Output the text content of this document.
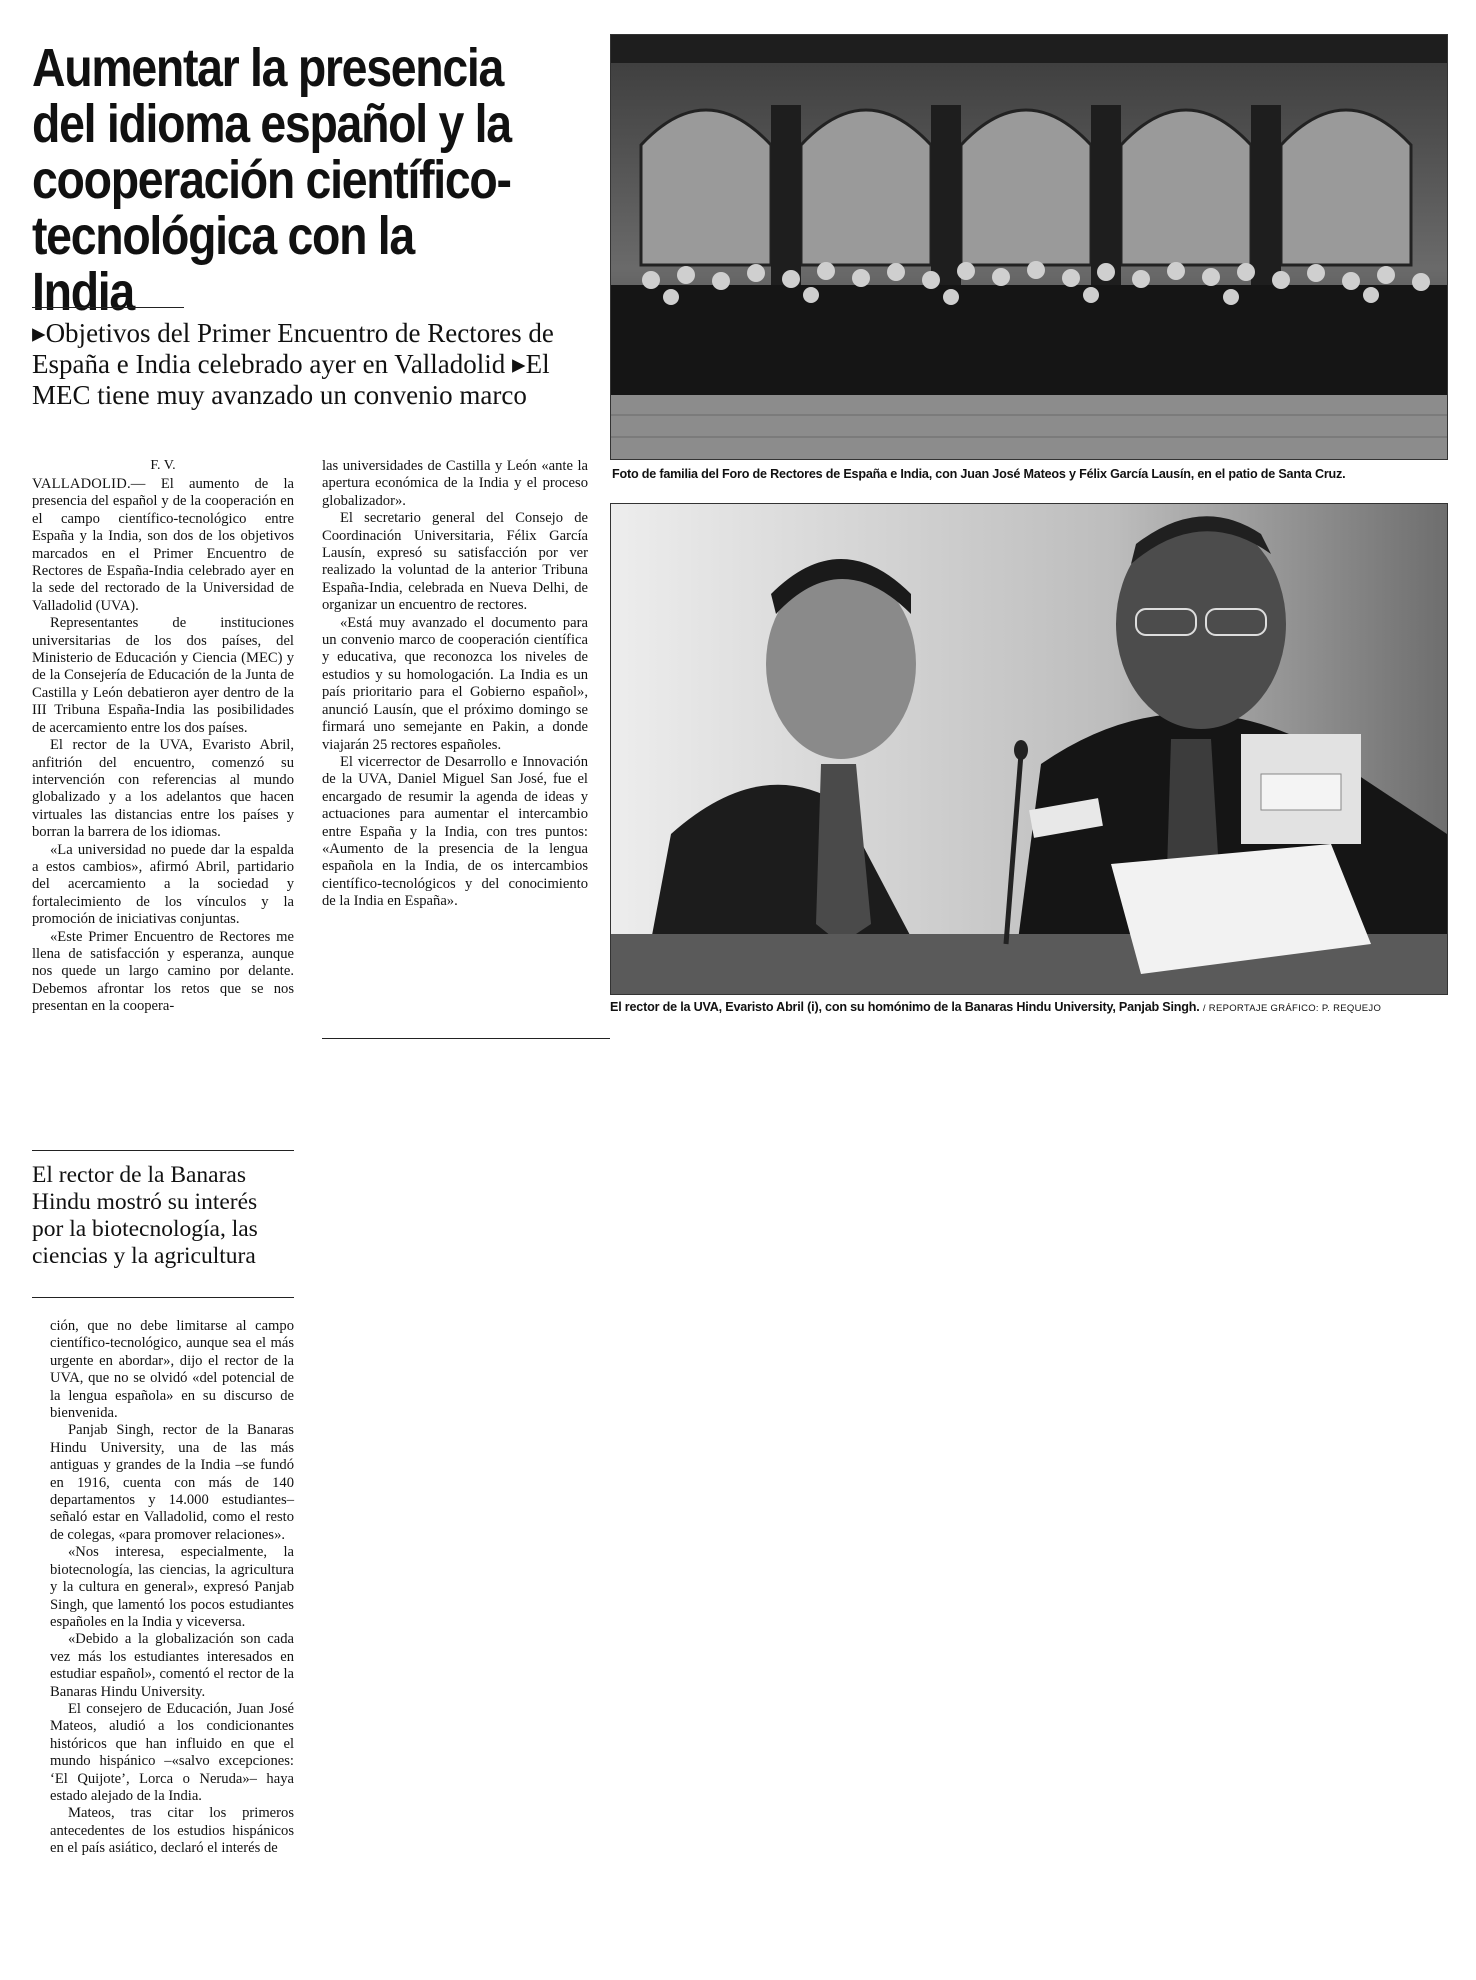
Aumentar la presencia
del idioma español y la
cooperación científico-
tecnológica con la India

▸Objetivos del Primer Encuentro de Rectores de España e India celebrado ayer en Valladolid ▸El MEC tiene muy avanzado un convenio marco

F. V.

VALLADOLID.— El aumento de la presencia del español y de la cooperación en el campo científico-tecnológico entre España y la India, son dos de los objetivos marcados en el Primer Encuentro de Rectores de España-India celebrado ayer en la sede del rectorado de la Universidad de Valladolid (UVA).

Representantes de instituciones universitarias de los dos países, del Ministerio de Educación y Ciencia (MEC) y de la Consejería de Educación de la Junta de Castilla y León debatieron ayer dentro de la III Tribuna España-India las posibilidades de acercamiento entre los dos países.

El rector de la UVA, Evaristo Abril, anfitrión del encuentro, comenzó su intervención con referencias al mundo globalizado y a los adelantos que hacen virtuales las distancias entre los países y borran la barrera de los idiomas.

«La universidad no puede dar la espalda a estos cambios», afirmó Abril, partidario del acercamiento a la sociedad y fortalecimiento de los vínculos y la promoción de iniciativas conjuntas.

«Este Primer Encuentro de Rectores me llena de satisfacción y esperanza, aunque nos quede un largo camino por delante. Debemos afrontar los retos que se nos presentan en la coopera-

El rector de la Banaras Hindu mostró su interés por la biotecnología, las ciencias y la agricultura

ción, que no debe limitarse al campo científico-tecnológico, aunque sea el más urgente en abordar», dijo el rector de la UVA, que no se olvidó «del potencial de la lengua española» en su discurso de bienvenida.

Panjab Singh, rector de la Banaras Hindu University, una de las más antiguas y grandes de la India –se fundó en 1916, cuenta con más de 140 departamentos y 14.000 estudiantes– señaló estar en Valladolid, como el resto de colegas, «para promover relaciones».

«Nos interesa, especialmente, la biotecnología, las ciencias, la agricultura y la cultura en general», expresó Panjab Singh, que lamentó los pocos estudiantes españoles en la India y viceversa.

«Debido a la globalización son cada vez más los estudiantes interesados en estudiar español», comentó el rector de la Banaras Hindu University.

El consejero de Educación, Juan José Mateos, aludió a los condicionantes históricos que han influido en que el mundo hispánico –«salvo excepciones: ‘El Quijote’, Lorca o Neruda»– haya estado alejado de la India.

Mateos, tras citar los primeros antecedentes de los estudios hispánicos en el país asiático, declaró el interés de

las universidades de Castilla y León «ante la apertura económica de la India y el proceso globalizador».

El secretario general del Consejo de Coordinación Universitaria, Félix García Lausín, expresó su satisfacción por ver realizado la voluntad de la anterior Tribuna España-India, celebrada en Nueva Delhi, de organizar un encuentro de rectores.

«Está muy avanzado el documento para un convenio marco de cooperación científica y educativa, que reconozca los niveles de estudios y su homologación. La India es un país prioritario para el Gobierno español», anunció Lausín, que el próximo domingo se firmará uno semejante en Pakin, a donde viajarán 25 rectores españoles.

El vicerrector de Desarrollo e Innovación de la UVA, Daniel Miguel San José, fue el encargado de resumir la agenda de ideas y actuaciones para aumentar el intercambio entre España y la India, con tres puntos: «Aumento de la presencia de la lengua española en la India, de os intercambios científico-tecnológicos y del conocimiento de la India en España».

Foto de familia del Foro de Rectores de España e India, con Juan José Mateos y Félix García Lausín, en el patio de Santa Cruz.
El rector de la UVA, Evaristo Abril (i), con su homónimo de la Banaras Hindu University, Panjab Singh. / REPORTAJE GRÁFICO: P. REQUEJO
